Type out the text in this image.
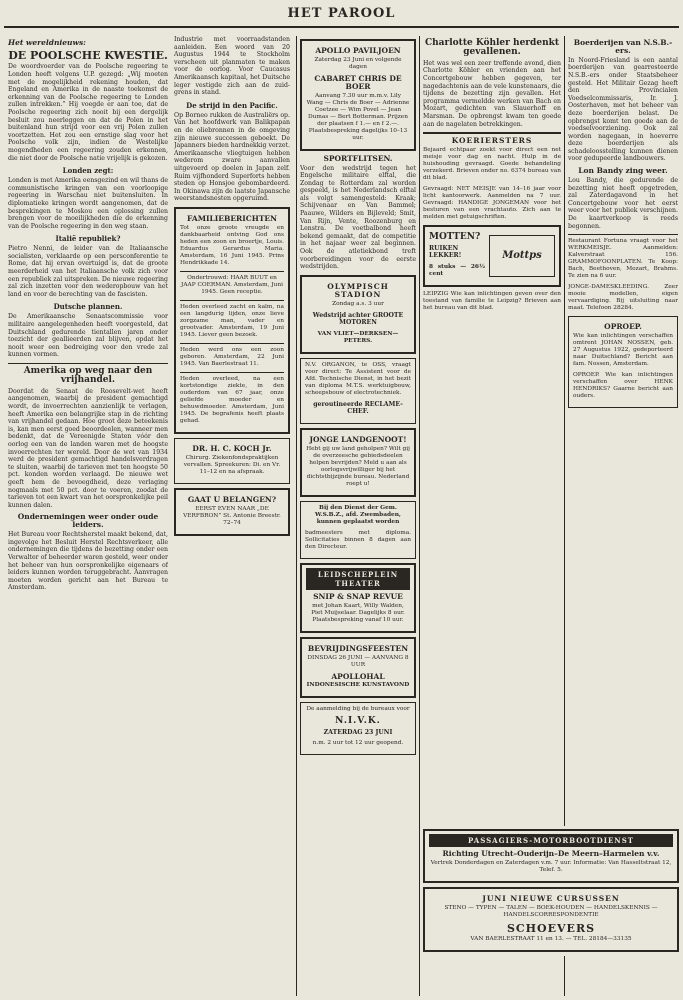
HET PAROOL
Het wereldnieuws:
DE POOLSCHE KWESTIE.

De woordvoerder van de Poolsche regeering te Londen heeft volgens U.P. gezegd: „Wij moeten met de mogelijkheid rekening houden, dat Engeland en Amerika in de naaste toekomst de erkenning van de Poolsche regeering te Londen zullen intrekken.” Hij voegde er aan toe, dat de Poolsche regeering zich nooit bij een dergelijk besluit zou neerleggen en dat de Polen in het buitenland hun strijd voor een vrij Polen zullen voortzetten. Het zou een ernstige slag voor het Poolsche volk zijn, indien de Westelijke mogendheden een regeering zouden erkennen, die niet door de Poolsche natie vrijelijk is gekozen.

Londen zegt:

Londen is met Amerika eensgezind en wil thans de communistische kringen van een voorloopige regeering in Warschau niet buitensluiten. In diplomatieke kringen wordt aangenomen, dat de besprekingen te Moskou een oplossing zullen brengen voor de moeilijkheden die de erkenning van de Poolsche regeering in den weg staan.

Italië republiek?

Pietro Nenni, de leider van de Italiaansche socialisten, verklaarde op een persconferentie te Rome, dat hij ervan overtuigd is, dat de groote meerderheid van het Italiaansche volk zich voor een republiek zal uitspreken. De nieuwe regeering zal zich inzetten voor den wederopbouw van het land en voor de berechting van de fascisten.

Dutsche plannen.

De Amerikaansche Senaatscommissie voor militaire aangelegenheden heeft voorgesteld, dat Duitschland gedurende tientallen jaren onder toezicht der geallieerden zal blijven, opdat het nooit weer een bedreiging voor den vrede zal kunnen vormen.

Amerika op weg naar den vrijhandel.

Doordat de Senaat de Roosevelt-wet heeft aangenomen, waarbij de president gemachtigd wordt, de invoerrechten aanzienlijk te verlagen, heeft Amerika een belangrijke stap in de richting van vrijhandel gedaan. Hoe groot deze beteekenis is, kan men eerst goed beoordeelen, wanneer men bedenkt, dat de Vereenigde Staten vóór den oorlog een van de landen waren met de hoogste invoerrechten ter wereld. Door de wet van 1934 werd de president gemachtigd handelsverdragen te sluiten, waarbij de tarieven met ten hoogste 50 pct. konden worden verlaagd. De nieuwe wet geeft hem de bevoegdheid, deze verlaging nogmaals met 50 pct. door te voeren, zoodat de tarieven tot een kwart van het oorspronkelijke peil kunnen dalen.

Ondernemingen weer onder oude leiders.

Het Bureau voor Rechtsherstel maakt bekend, dat, ingevolge het Besluit Herstel Rechtsverkeer, alle ondernemingen die tijdens de bezetting onder een Verwalter of beheerder waren gesteld, weer onder het beheer van hun oorspronkelijke eigenaars of leiders kunnen worden teruggebracht. Aanvragen moeten worden gericht aan het Bureau te Amsterdam.

Industrie met voorraadstanden aanleiden. Een woord van 20 Augustus 1944 te Stockholm verscheen uit planmaten te maken voor de oorlog. Voor Caucasus Amerikaansch kapitaal, het Duitsche leger vestigde zich aan de zuid-grens in stand.

De strijd in den Pacific.

Op Borneo rukken de Australiërs op. Van het hoofdwerk van Balikpapan en de oliebronnen in de omgeving zijn nieuwe successen geboekt. De Japanners bieden hardnekkig verzet. Amerikaansche vliegtuigen hebben wederom zware aanvallen uitgevoerd op doelen in Japan zelf. Ruim vijfhonderd Superforts hebben steden op Honsjoe gebombardeerd. In Okinawa zijn de laatste Japansche weerstandsnesten opgeruimd.

FAMILIEBERICHTEN

Tot onze groote vreugde en dankbaarheid ontving God ons heden een zoon en broertje, Louis. Eduardus Gerardus Maria. Amsterdam, 16 Juni 1945. Prins Hendrikkade 14.

Ondertrouwd: HAAR BUUT en JAAP COERMAN. Amsterdam, Juni 1945. Geen receptie.

Heden overleed zacht en kalm, na een langdurig lijden, onze lieve zorgzame man, vader en grootvader. Amsterdam, 19 Juni 1945. Liever geen bezoek.

Heden werd ons een zoon geboren. Amsterdam, 22 Juni 1945. Van Baerlestraat 11.

Heden overleed, na een kortstondige ziekte, in den ouderdom van 67 jaar, onze geliefde moeder en behuwdmoeder. Amsterdam, Juni 1945. De begrafenis heeft plaats gehad.

DR. H. C. KOCH Jr.

Chirurg. Ziekenfondspraktijken vervallen. Spreekuren: Di. en Vr. 11–12 en na afspraak.

GAAT U BELANGEN?

EERST EVEN NAAR „DE VERFBRON” St. Antonie Breestr. 72–74

APOLLO PAVILJOEN
Zaterdag 23 Juni en volgende dagen
CABARET CHRIS DE BOER

Aanvang 7.30 uur m.m.v. Lily Wang — Chris de Boer — Adrienne Coetzee — Wim Povel — Jean Dumas — Bert Botterman. Prijzen der plaatsen f 1.— en f 2.—. Plaatsbespreking dagelijks 10–13 uur.

SPORTFLITSEN.

Voor den wedstrijd tegen het Engelsche militaire elftal, die Zondag te Rotterdam zal worden gespeeld, is het Nederlandsch elftal als volgt samengesteld: Kraak; Schijvenaar en Van Bammel; Paauwe, Wilders en Bijleveld; Smit, Van Rijn, Vente, Roozenburg en Lenstra. De voetbalbond heeft bekend gemaakt, dat de competitie in het najaar weer zal beginnen. Ook de atletiekbond treft voorbereidingen voor de eerste wedstrijden.

OLYMPISCH STADION
Zondag a.s. 3 uur
Wedstrijd achter GROOTE MOTOREN
VAN VLIET—DERKSEN—PETERS.

N.V. ORGANON, te OSS, vraagt voor direct: Te Assistent voor de Afd. Technische Dienst, in het bezit van diploma M.T.S. werktuigbouw, scheepsbouw of electrotechniek.

geroutineerde RECLAME-CHEF.
JONGE LANDGENOOT!

Hebt gij uw land geholpen? Wilt gij de overzeesche gebiedsdeelen helpen bevrijden? Meld u aan als oorlogsvrijwilliger bij het dichtstbijzijnde bureau. Nederland roept u!

Bij den Dienst der Gem. W.S.B.Z., afd. Zwembaden, kunnen geplaatst worden

badmeesters met diploma. Sollicitaties binnen 8 dagen aan den Directeur.

LEIDSCHEPLEIN THEATER
SNIP & SNAP REVUE

met Johan Kaart, Willy Walden, Piet Muijselaar. Dagelijks 8 uur. Plaatsbespreking vanaf 10 uur.

BEVRIJDINGSFEESTEN
DINSDAG 26 JUNI — AANVANG 8 UUR
APOLLOHAL
INDONESISCHE KUNSTAVOND
De aanmelding bij de bureaux voor
N.I.V.K.
ZATERDAG 23 JUNI
n.m. 2 uur tot 12 uur geopend.
Charlotte Köhler herdenkt gevallenen.

Het was wel een zeer treffende avond, dien Charlotte Köhler en vrienden aan het Concertgebouw hebben gegeven, ter nagedachtenis aan de vele kunstenaars, die tijdens de bezetting zijn gevallen. Het programma vermeldde werken van Bach en Mozart, gedichten van Slauerhoff en Marsman. De opbrengst kwam ten goede aan de nagelaten betrekkingen.

KOERIERSTERS

Bejaard echtpaar zoekt voor direct een net meisje voor dag en nacht. Hulp in de huishouding gevraagd. Goede behandeling verzekerd. Brieven onder no. 6374 bureau van dit blad.

Gevraagd: NET MEISJE van 14–16 jaar voor licht kantoorwerk. Aanmelden na 7 uur. Gevraagd: HANDIGE JONGEMAN voor het besturen van een vrachtauto. Zich aan te melden met getuigschriften.

MOTTEN?
RUIKEN LEKKER!
8 stuks — 26½ cent
Mottps

LEIPZIG Wie kan inlichtingen geven over den toestand van familie te Leipzig? Brieven aan het bureau van dit blad.

Boerderijen van N.S.B.-ers.

In Noord-Friesland is een aantal boerderijen van gearresteerde N.S.B.-ers onder Staatsbeheer gesteld. Het Militair Gezag heeft den Provincialen Voedselcommissaris, Ir. J. Oosterhaven, met het beheer van deze boerderijen belast. De opbrengst komt ten goede aan de voedselvoorziening. Ook zal worden nagegaan, in hoeverre deze boerderijen als schadeloosstelling kunnen dienen voor gedupeerde landbouwers.

Lon Bandy zing weer.

Lou Bandy, die gedurende de bezetting niet heeft opgetreden, zal Zaterdagavond in het Concertgebouw voor het eerst weer voor het publiek verschijnen. De kaartverkoop is reeds begonnen.

Restaurant Fortuna vraagt voor het WERKMEISJE. Aanmelden: Kalverstraat 156. GRAMMOFOONPLATEN. Te Koop: Bach, Beethoven, Mozart, Brahms. Te zien na 6 uur.

JONGE-DAMESKLEEDING. Zeer mooie modellen, eigen vervaardiging. Bij uitsluiting naar maat. Telefoon 28284.

OPROEP.

Wie kan inlichtingen verschaffen omtrent JOHAN NOSSEN, geb. 27 Augustus 1922, gedeporteerd naar Duitschland? Bericht aan fam. Nossen, Amsterdam.

OPROEP. Wie kan inlichtingen verschaffen over HENK HENDRIKS? Gaarne bericht aan ouders.

PASSAGIERS-MOTORBOOTDIENST
Richting Utrecht–Ouderijn–De Meern–Harmelen v.v.

Vertrek Donderdagen en Zaterdagen v.m. 7 uur. Informatie: Van Hasseltstraat 12, Telef. 5.

JUNI NIEUWE CURSUSSEN
STENO — TYPEN — TALEN — BOEK-HOUDEN — HANDELSKENNIS — HANDELSCORRESPONDENTIE
SCHOEVERS
VAN BAERLESTRAAT 11 en 13. — TEL. 28184—33135
